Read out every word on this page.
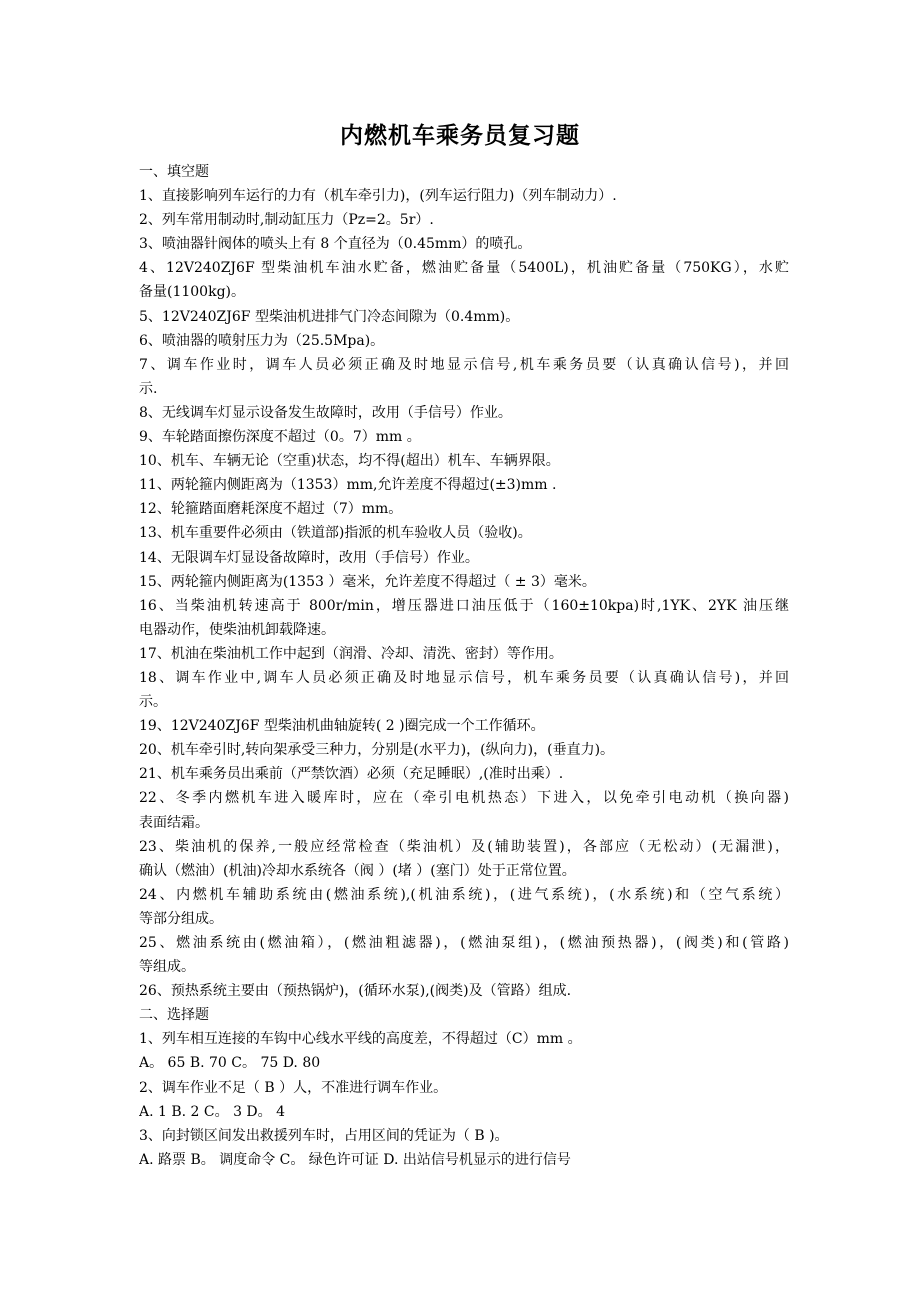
内燃机车乘务员复习题
一、填空题
1、直接影响列车运行的力有（机车牵引力)，(列车运行阻力)（列车制动力）.
2、列车常用制动时,制动缸压力（Pz=2。5r）.
3、喷油器针阀体的喷头上有 8 个直径为（0.45mm）的喷孔。
4、12V240ZJ6F 型柴油机车油水贮备，燃油贮备量（5400L)，机油贮备量（750KG），水贮
备量(1100kg)。
5、12V240ZJ6F 型柴油机进排气门冷态间隙为（0.4mm)。
6、喷油器的喷射压力为（25.5Mpa)。
7、调车作业时，调车人员必须正确及时地显示信号,机车乘务员要（认真确认信号)，并回
示.
8、无线调车灯显示设备发生故障时，改用（手信号）作业。
9、车轮踏面擦伤深度不超过（0。7）mm 。
10、机车、车辆无论（空重)状态，均不得(超出）机车、车辆界限。
11、两轮箍内侧距离为（1353）mm,允许差度不得超过(±3)mm .
12、轮箍踏面磨耗深度不超过（7）mm。
13、机车重要件必须由（铁道部)指派的机车验收人员（验收)。
14、无限调车灯显设备故障时，改用（手信号）作业。
15、两轮箍内侧距离为(1353 ）毫米，允许差度不得超过（ ± 3）毫米。
16、当柴油机转速高于 800r/min，增压器进口油压低于（160±10kpa)时,1YK、2YK 油压继
电器动作，使柴油机卸载降速。
17、机油在柴油机工作中起到（润滑、冷却、清洗、密封）等作用。
18、调车作业中,调车人员必须正确及时地显示信号，机车乘务员要（认真确认信号)，并回
示。
19、12V240ZJ6F 型柴油机曲轴旋转( 2 )圈完成一个工作循环。
20、机车牵引时,转向架承受三种力，分别是(水平力)，(纵向力)，(垂直力)。
21、机车乘务员出乘前（严禁饮酒）必须（充足睡眠）,(准时出乘）.
22、冬季内燃机车进入暖库时，应在（牵引电机热态）下进入，以免牵引电动机（换向器)
表面结霜。
23、柴油机的保养,一般应经常检查（柴油机）及(辅助装置)，各部应（无松动）(无漏泄)，
确认（燃油）(机油)冷却水系统各（阀 ）(堵 ）(塞门）处于正常位置。
24、内燃机车辅助系统由(燃油系统),(机油系统)，(进气系统)，(水系统)和（空气系统）
等部分组成。
25、燃油系统由(燃油箱），(燃油粗滤器)，(燃油泵组)，(燃油预热器)，(阀类)和(管路)
等组成。
26、预热系统主要由（预热锅炉)，(循环水泵),(阀类)及（管路）组成.
二、选择题
1、列车相互连接的车钩中心线水平线的高度差，不得超过（C）mm 。
A。 65 B. 70 C。 75 D. 80
2、调车作业不足（ B ）人，不准进行调车作业。
A. 1 B. 2 C。 3 D。 4
3、向封锁区间发出救援列车时，占用区间的凭证为（ B )。
A. 路票 B。 调度命令 C。 绿色许可证 D. 出站信号机显示的进行信号
